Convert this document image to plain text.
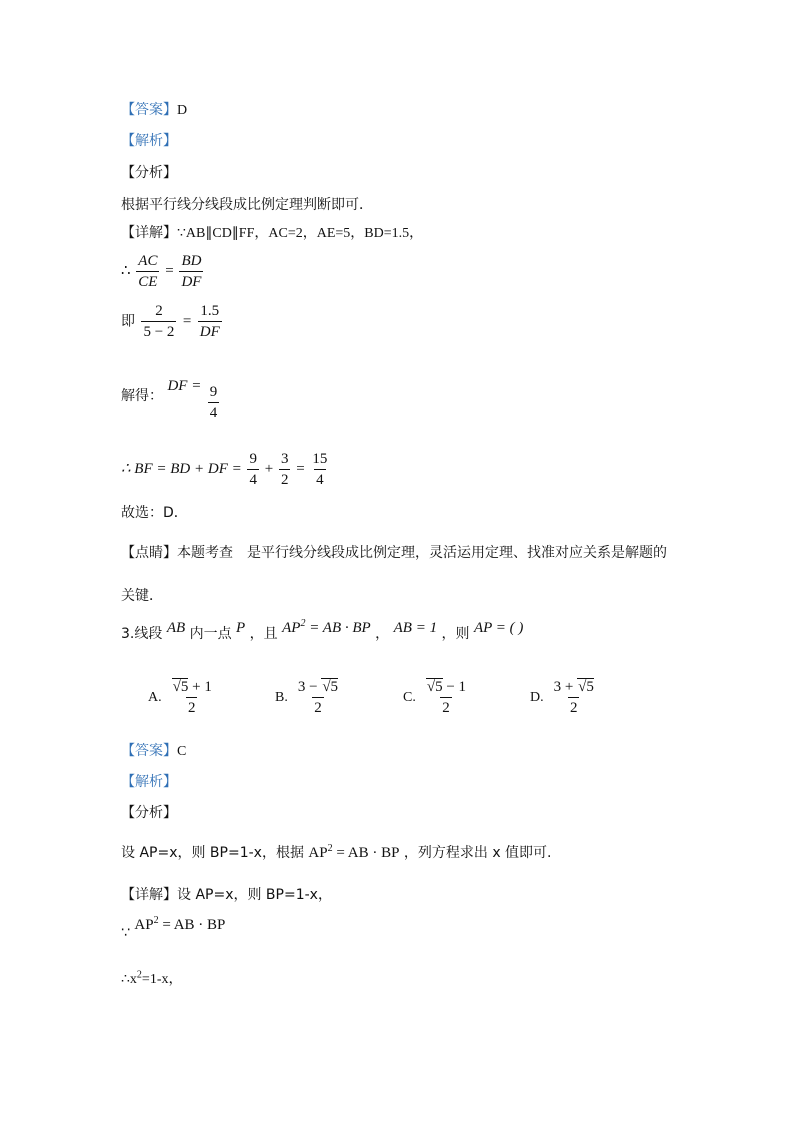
【答案】D
【解析】
【分析】
根据平行线分线段成比例定理判断即可．
【详解】∵AB∥CD∥FF，AC=2，AE=5，BD=1.5，
∴ $\frac{AC}{CE} = \frac{BD}{DF}$
即 $\frac{2}{5 - 2} = \frac{1.5}{DF}$
解得： DF = $\frac{9}{4}$
∴ BF = BD + DF = $\frac{9}{4} + \frac{3}{2} = \frac{15}{4}$
故选：D．
【点睛】本题考查　是平行线分线段成比例定理，灵活运用定理、找准对应关系是解题的
关键．
3.线段 AB 内一点 P ，且 $AP^2$ = AB · BP ， AB = 1 ，则 AP = ( )
A. $\frac{√5 + 1}{2}$	B. $\frac{3 - √5}{2}$	C. $\frac{√5 - 1}{2}$	D. $\frac{3 + √5}{2}$
【答案】C
【解析】
【分析】
设 AP=x，则 BP=1-x，根据 $AP^2$ = AB · BP ，列方程求出 x 值即可.
【详解】设 AP=x，则 BP=1-x，
∵ $AP^2$ = AB · BP
$\therefore x^2=1-x$，
